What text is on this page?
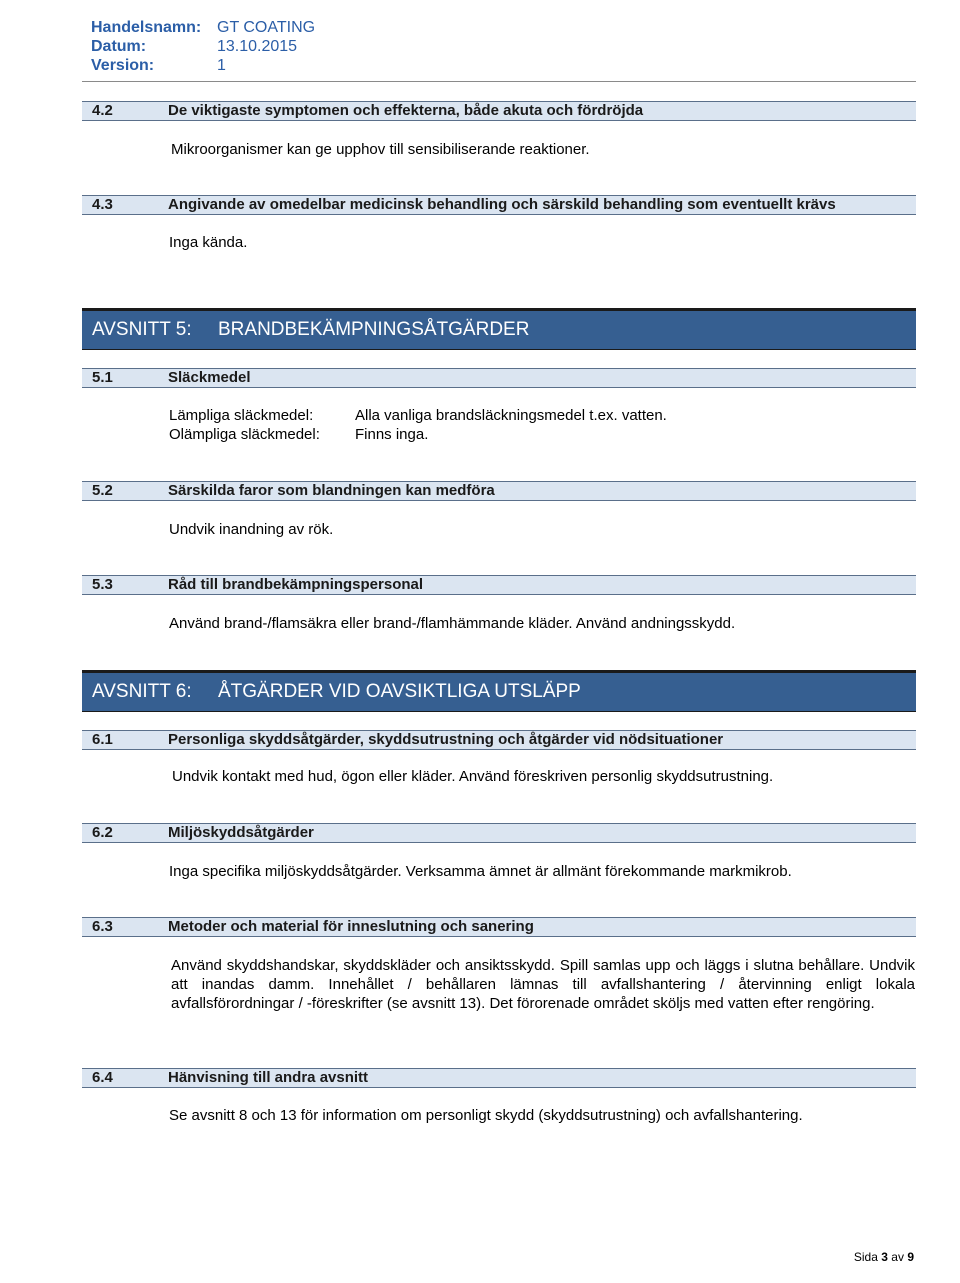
Handelsnamn: GT COATING
Datum:	13.10.2015
Version:	1
4.2	De viktigaste symptomen och effekterna, både akuta och fördröjda
Mikroorganismer kan ge upphov till sensibiliserande reaktioner.
4.3	Angivande av omedelbar medicinsk behandling och särskild behandling som eventuellt krävs
Inga kända.
AVSNITT 5: BRANDBEKÄMPNINGSÅTGÄRDER
5.1	Släckmedel
Lämpliga släckmedel:	Alla vanliga brandsläckningsmedel t.ex. vatten.
Olämpliga släckmedel: Finns inga.
5.2	Särskilda faror som blandningen kan medföra
Undvik inandning av rök.
5.3	Råd till brandbekämpningspersonal
Använd brand-/flamsäkra eller brand-/flamhämmande kläder. Använd andningsskydd.
AVSNITT 6: ÅTGÄRDER VID OAVSIKTLIGA UTSLÄPP
6.1	Personliga skyddsåtgärder, skyddsutrustning och åtgärder vid nödsituationer
Undvik kontakt med hud, ögon eller kläder. Använd föreskriven personlig skyddsutrustning.
6.2	Miljöskyddsåtgärder
Inga specifika miljöskyddsåtgärder. Verksamma ämnet är allmänt förekommande markmikrob.
6.3	Metoder och material för inneslutning och sanering
Använd skyddshandskar, skyddskläder och ansiktsskydd. Spill samlas upp och läggs i slutna behållare. Undvik att inandas damm. Innehållet / behållaren lämnas till avfallshantering / återvinning enligt lokala avfallsförordningar / -föreskrifter (se avsnitt 13). Det förorenade området sköljs med vatten efter rengöring.
6.4	Hänvisning till andra avsnitt
Se avsnitt 8 och 13 för information om personligt skydd (skyddsutrustning) och avfallshantering.
Sida 3 av 9
